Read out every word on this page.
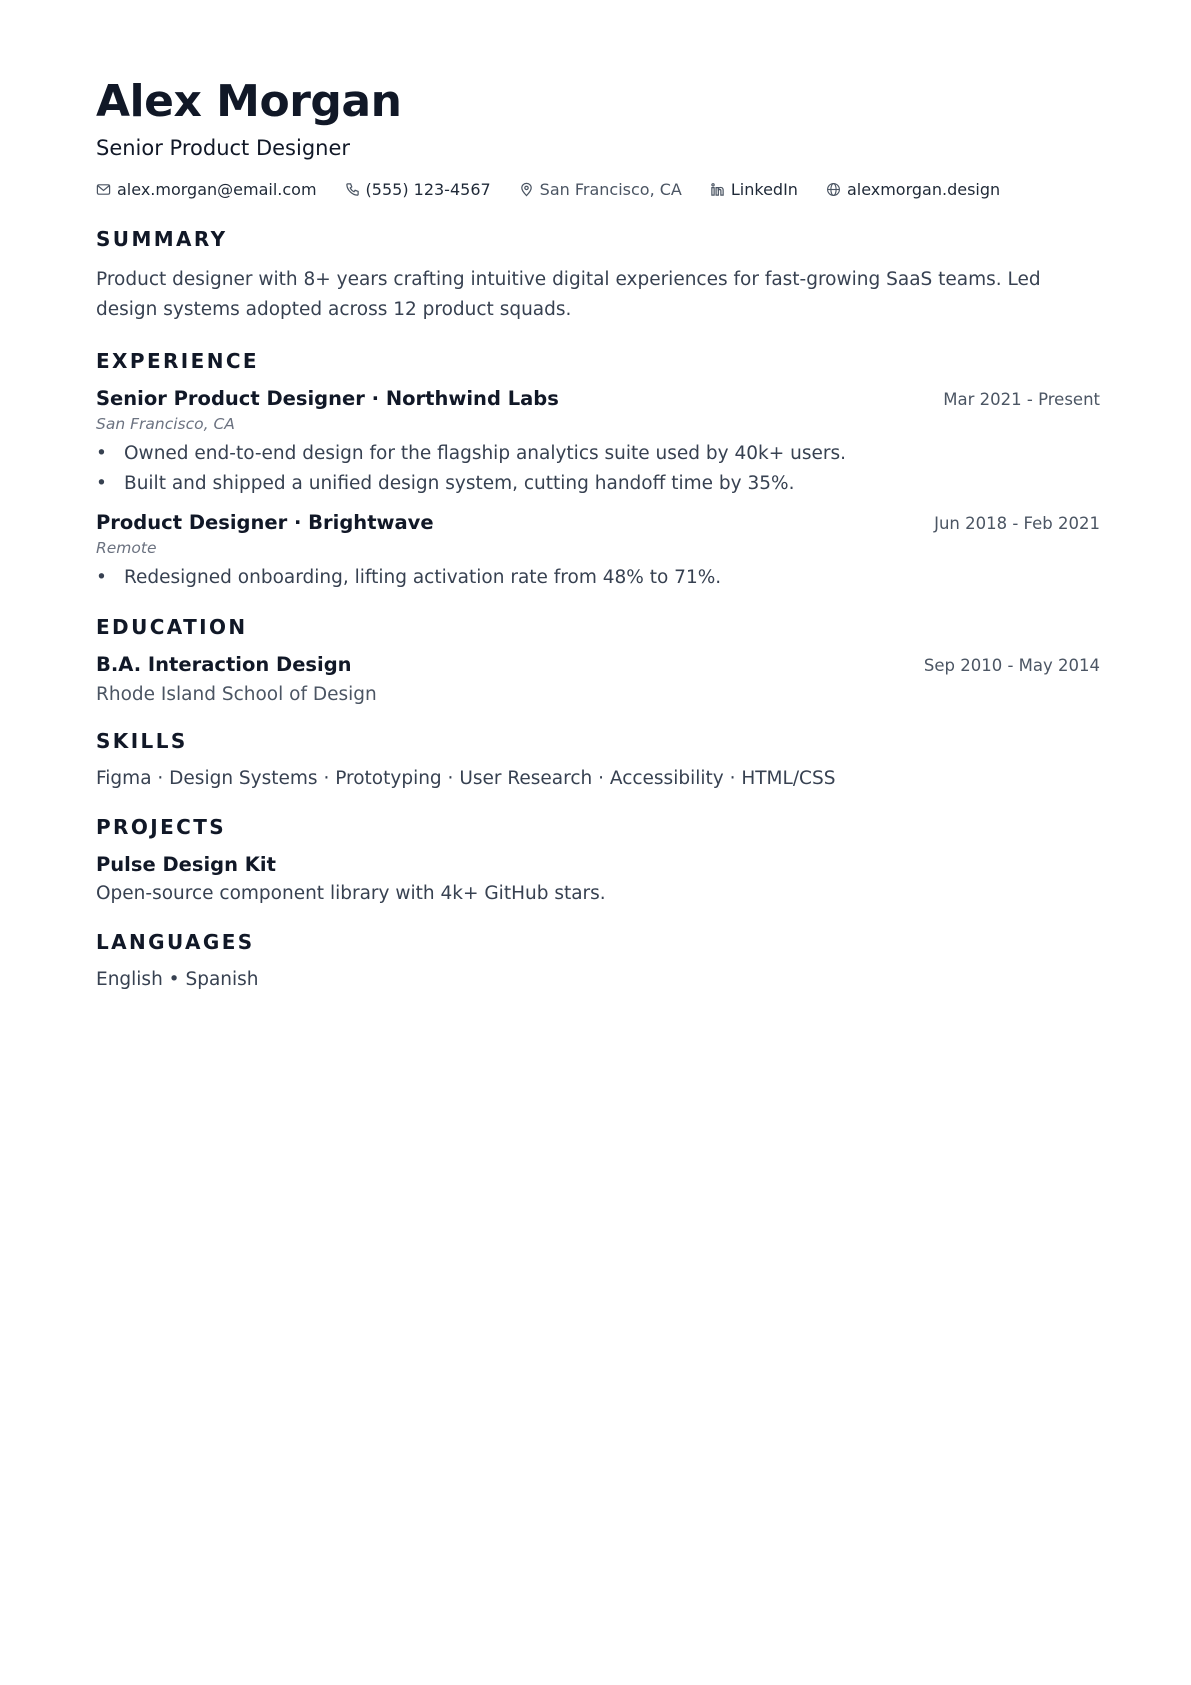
Alex Morgan
Senior Product Designer
alex.morgan@email.com	(555) 123-4567	San Francisco, CA	LinkedIn	alexmorgan.design
SUMMARY
Product designer with 8+ years crafting intuitive digital experiences for fast-growing SaaS teams. Led design systems adopted across 12 product squads.
EXPERIENCE
Senior Product Designer · Northwind Labs	Mar 2021 - Present
San Francisco, CA
• Owned end-to-end design for the flagship analytics suite used by 40k+ users.
• Built and shipped a unified design system, cutting handoff time by 35%.
Product Designer · Brightwave	Jun 2018 - Feb 2021
Remote
• Redesigned onboarding, lifting activation rate from 48% to 71%.
EDUCATION
B.A. Interaction Design	Sep 2010 - May 2014
Rhode Island School of Design
SKILLS
Figma · Design Systems · Prototyping · User Research · Accessibility · HTML/CSS
PROJECTS
Pulse Design Kit
Open-source component library with 4k+ GitHub stars.
LANGUAGES
English • Spanish
